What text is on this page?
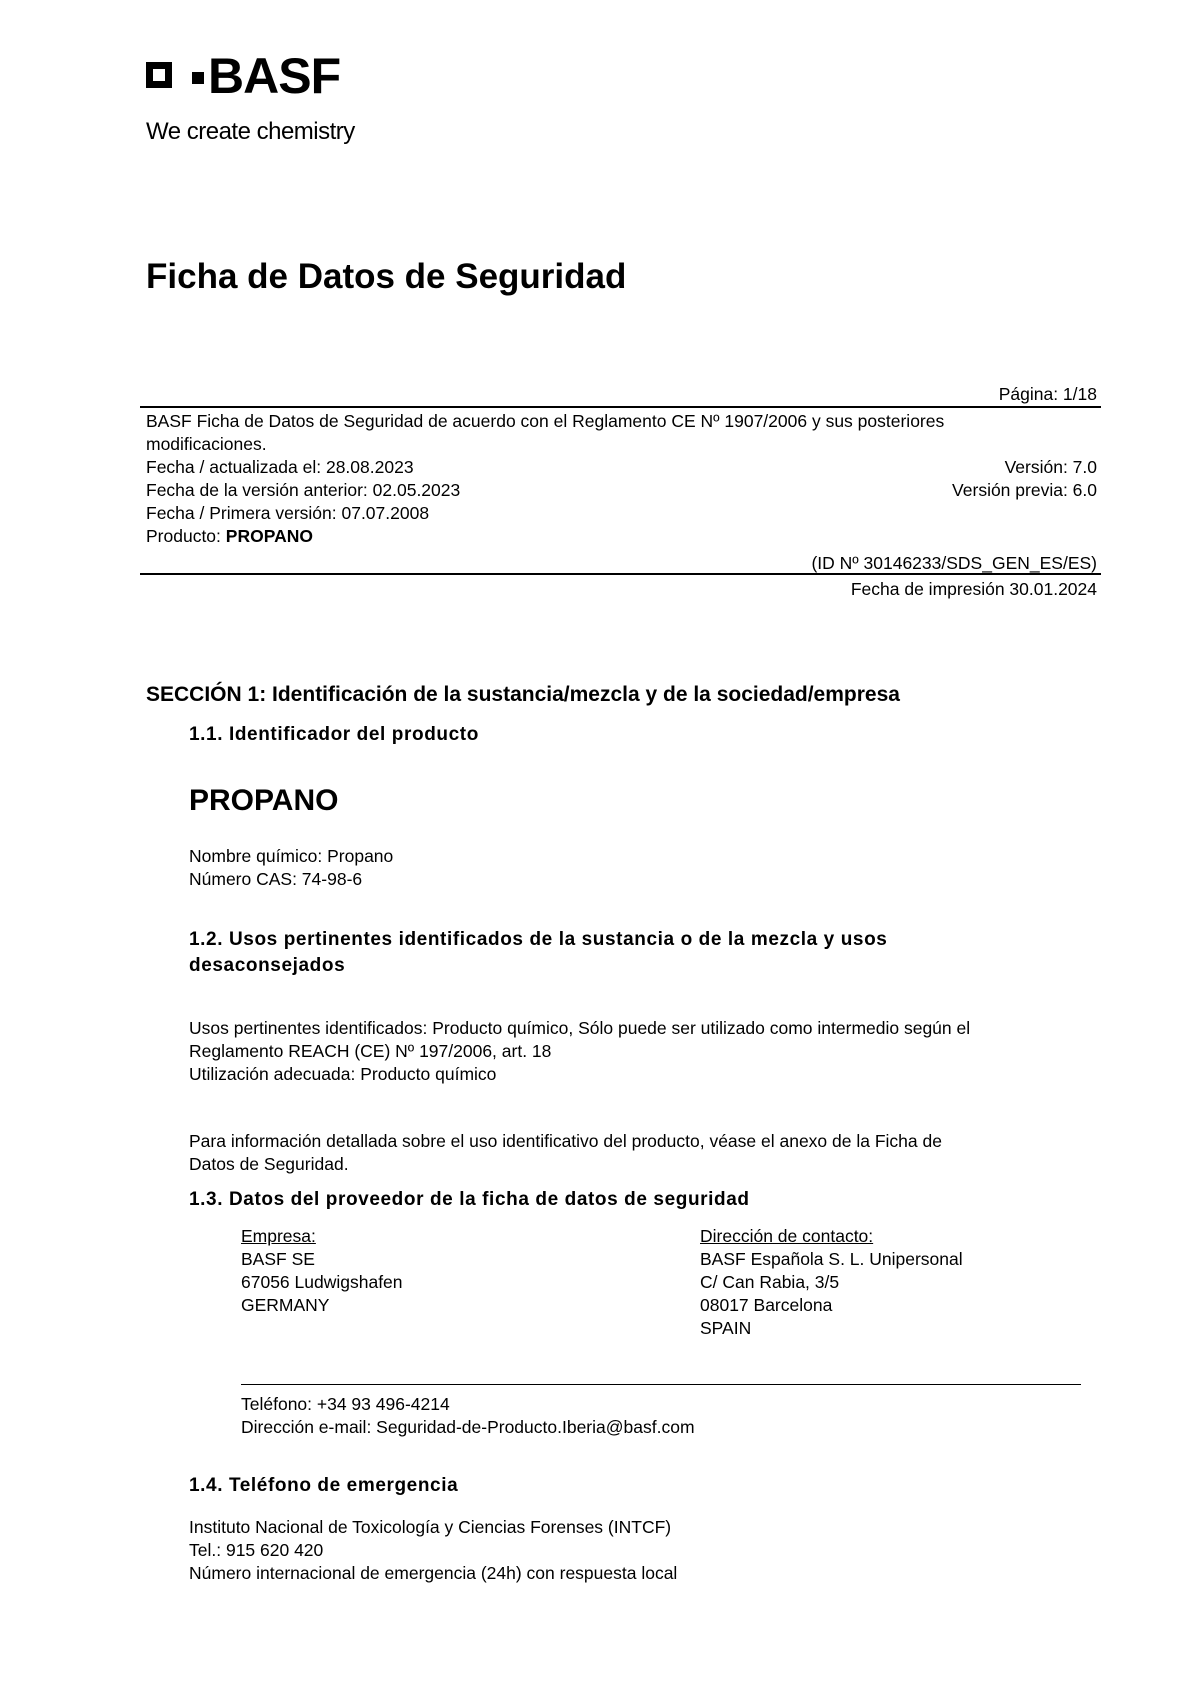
BASF
We create chemistry
Ficha de Datos de Seguridad
Página: 1/18
BASF Ficha de Datos de Seguridad de acuerdo con el Reglamento CE Nº 1907/2006 y sus posteriores
modificaciones.
Fecha / actualizada el: 28.08.2023	Versión: 7.0
Fecha de la versión anterior: 02.05.2023	Versión previa: 6.0
Fecha / Primera versión: 07.07.2008
Producto: PROPANO
(ID Nº 30146233/SDS_GEN_ES/ES)
Fecha de impresión 30.01.2024
SECCIÓN 1: Identificación de la sustancia/mezcla y de la sociedad/empresa
1.1. Identificador del producto
PROPANO
Nombre químico: Propano
Número CAS: 74-98-6
1.2. Usos pertinentes identificados de la sustancia o de la mezcla y usos
desaconsejados
Usos pertinentes identificados: Producto químico, Sólo puede ser utilizado como intermedio según el
Reglamento REACH (CE) Nº 197/2006, art. 18
Utilización adecuada: Producto químico
Para información detallada sobre el uso identificativo del producto, véase el anexo de la Ficha de
Datos de Seguridad.
1.3. Datos del proveedor de la ficha de datos de seguridad
Empresa:
BASF SE
67056 Ludwigshafen
GERMANY
Dirección de contacto:
BASF Española S. L. Unipersonal
C/ Can Rabia, 3/5
08017 Barcelona
SPAIN
Teléfono: +34 93 496-4214
Dirección e-mail: Seguridad-de-Producto.Iberia@basf.com
1.4. Teléfono de emergencia
Instituto Nacional de Toxicología y Ciencias Forenses (INTCF)
Tel.: 915 620 420
Número internacional de emergencia (24h) con respuesta local
